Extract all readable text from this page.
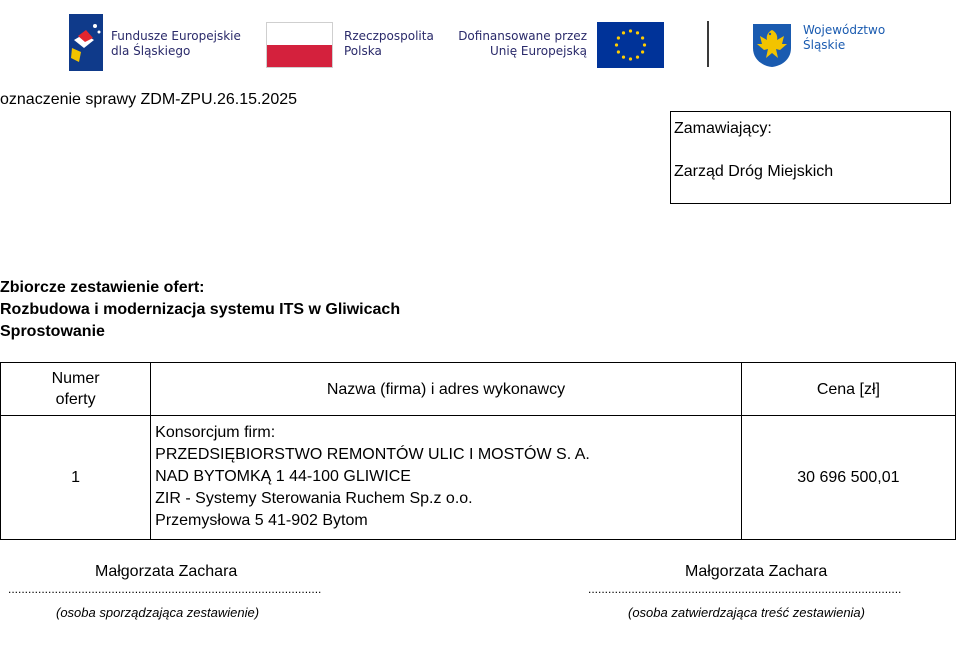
Fundusze Europejskie
dla Śląskiego
Rzeczpospolita
Polska
Dofinansowane przez
Unię Europejską
Województwo
Śląskie
oznaczenie sprawy ZDM-ZPU.26.15.2025
Zamawiający:
Zarząd Dróg Miejskich
Zbiorcze zestawienie ofert:
Rozbudowa i modernizacja systemu ITS w Gliwicach
Sprostowanie
Numer
oferty	Nazwa (firma) i adres wykonawcy	Cena [zł]
1	Konsorcjum firm:
PRZEDSIĘBIORSTWO REMONTÓW ULIC I MOSTÓW S. A.
NAD BYTOMKĄ 1 44-100 GLIWICE
ZIR - Systemy Sterowania Ruchem Sp.z o.o.
Przemysłowa 5 41-902 Bytom	30 696 500,01
Małgorzata Zachara
..............................................................................................
(osoba sporządzająca zestawienie)
Małgorzata Zachara
..............................................................................................
(osoba zatwierdzająca treść zestawienia)
